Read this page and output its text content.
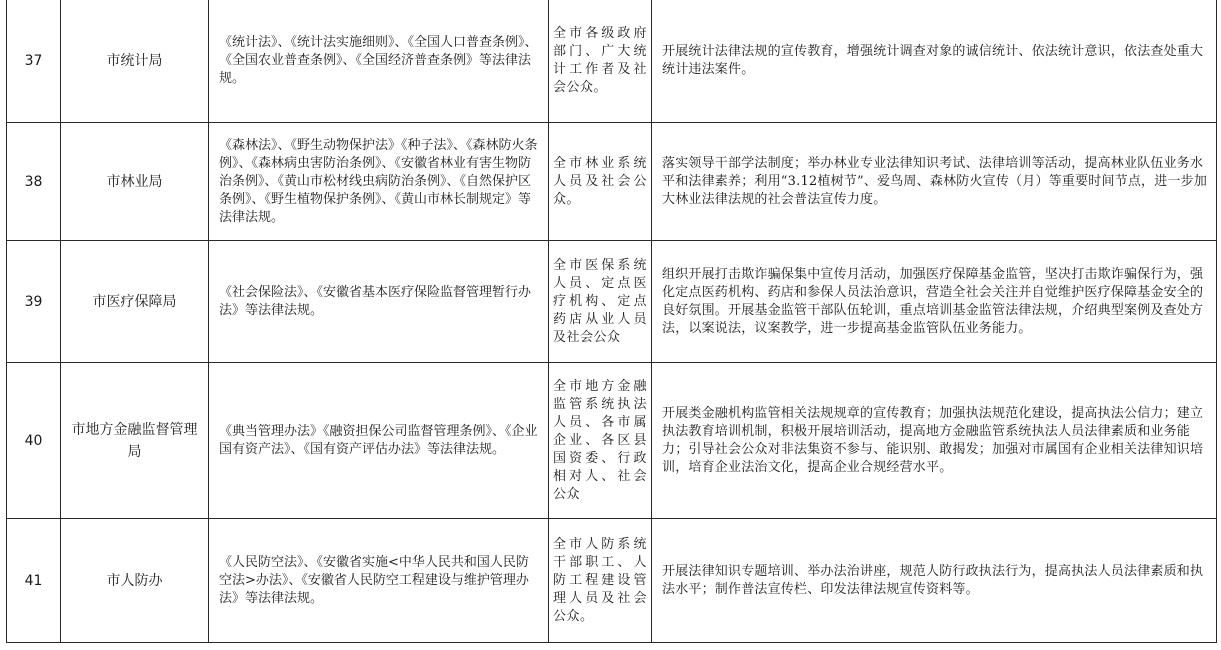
37	市统计局	《统计法》、《统计法实施细则》、《全国人口普查条例》、《全国农业普查条例》、《全国经济普查条例》等法律法规。	全市各级政府部门、广大统计工作者及社会公众。	开展统计法律法规的宣传教育，增强统计调查对象的诚信统计、依法统计意识，依法查处重大统计违法案件。
38	市林业局	《森林法》、《野生动物保护法》《种子法》、《森林防火条例》、《森林病虫害防治条例》、《安徽省林业有害生物防治条例》、《黄山市松材线虫病防治条例》、《自然保护区条例》、《野生植物保护条例》、《黄山市林长制规定》等法律法规。	全市林业系统人员及社会公众。	落实领导干部学法制度；举办林业专业法律知识考试、法律培训等活动，提高林业队伍业务水平和法律素养；利用“3.12植树节”、爱鸟周、森林防火宣传（月）等重要时间节点，进一步加大林业法律法规的社会普法宣传力度。
39	市医疗保障局	《社会保险法》、《安徽省基本医疗保险监督管理暂行办法》等法律法规。	全市医保系统人员、定点医疗机构、定点药店从业人员及社会公众	组织开展打击欺诈骗保集中宣传月活动，加强医疗保障基金监管，坚决打击欺诈骗保行为，强化定点医药机构、药店和参保人员法治意识，营造全社会关注并自觉维护医疗保障基金安全的良好氛围。开展基金监管干部队伍轮训，重点培训基金监管法律法规，介绍典型案例及查处方法，以案说法，议案教学，进一步提高基金监管队伍业务能力。
40	市地方金融监督管理局	《典当管理办法》《融资担保公司监督管理条例》、《企业国有资产法》、《国有资产评估办法》等法律法规。	全市地方金融监管系统执法人员、各市属企业、各区县国资委、行政相对人、社会公众	开展类金融机构监管相关法规规章的宣传教育；加强执法规范化建设，提高执法公信力；建立执法教育培训机制，积极开展培训活动，提高地方金融监管系统执法人员法律素质和业务能力；引导社会公众对非法集资不参与、能识别、敢揭发；加强对市属国有企业相关法律知识培训，培育企业法治文化，提高企业合规经营水平。
41	市人防办	《人民防空法》、《安徽省实施<中华人民共和国人民防空法>办法》、《安徽省人民防空工程建设与维护管理办法》等法律法规。	全市人防系统干部职工、人防工程建设管理人员及社会公众。	开展法律知识专题培训、举办法治讲座，规范人防行政执法行为，提高执法人员法律素质和执法水平；制作普法宣传栏、印发法律法规宣传资料等。
